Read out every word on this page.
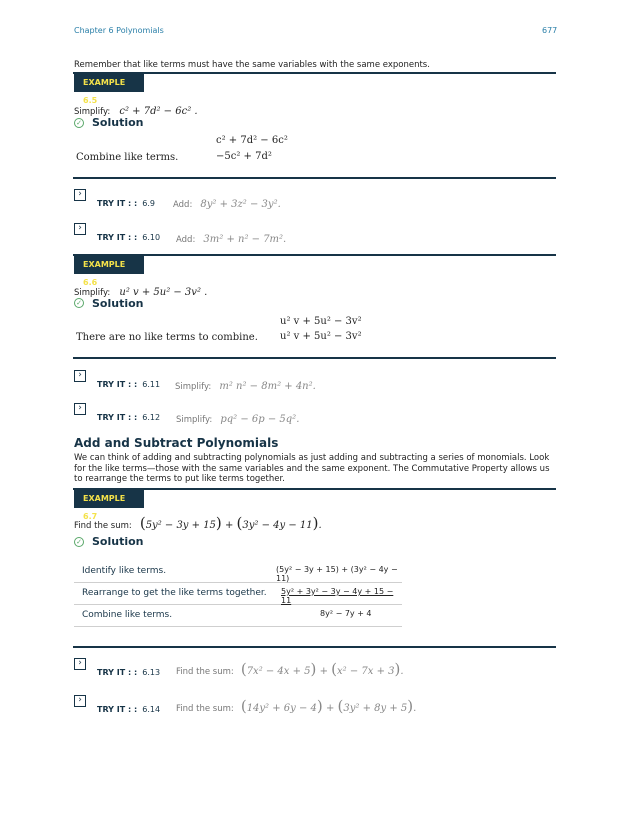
Chapter 6 Polynomials	677
Remember that like terms must have the same variables with the same exponents.
EXAMPLE 6.5
Simplify: c² + 7d² − 6c² .
✓ Solution
c² + 7d² − 6c²
Combine like terms.	−5c² + 7d²
›
TRY IT : : 6.9 Add: 8y² + 3z² − 3y².
›
TRY IT : : 6.10 Add: 3m² + n² − 7m².
EXAMPLE 6.6
Simplify: u² v + 5u² − 3v² .
✓ Solution
u² v + 5u² − 3v²
There are no like terms to combine. u² v + 5u² − 3v²
›
TRY IT : : 6.11 Simplify: m² n² − 8m² + 4n².
›
TRY IT : : 6.12 Simplify: pq² − 6p − 5q².
Add and Subtract Polynomials
We can think of adding and subtracting polynomials as just adding and subtracting a series of monomials. Look for the like terms—those with the same variables and the same exponent. The Commutative Property allows us to rearrange the terms to put like terms together.
EXAMPLE 6.7
Find the sum: (5y² − 3y + 15) + (3y² − 4y − 11).
✓ Solution
Identify like terms.	(5y² − 3y + 15) + (3y² − 4y − 11)
Rearrange to get the like terms together. 5y² + 3y² − 3y − 4y + 15 − 11
Combine like terms.	8y² − 7y + 4
›
TRY IT : : 6.13 Find the sum: (7x² − 4x + 5) + (x² − 7x + 3).
›
TRY IT : : 6.14 Find the sum: (14y² + 6y − 4) + (3y² + 8y + 5).
